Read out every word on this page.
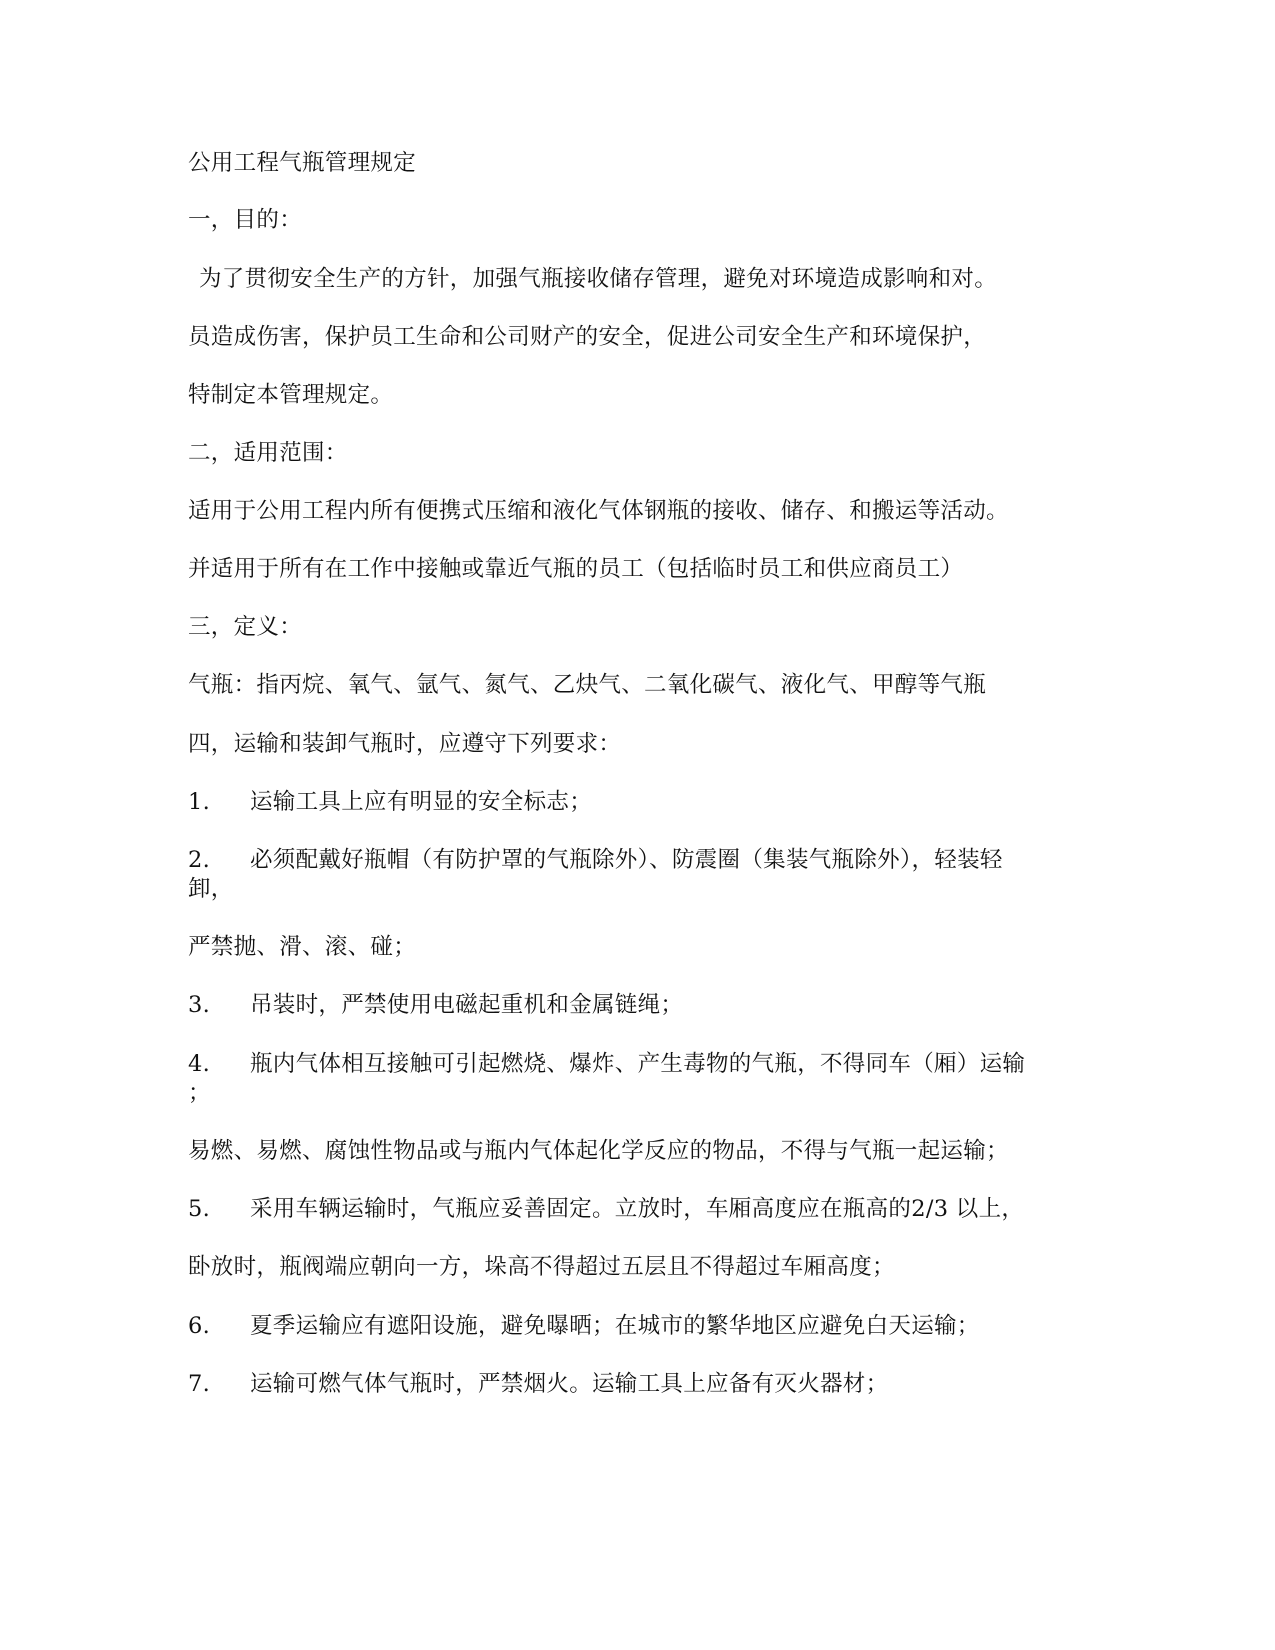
公用工程气瓶管理规定
一，目的：
为了贯彻安全生产的方针，加强气瓶接收储存管理，避免对环境造成影响和对。
员造成伤害，保护员工生命和公司财产的安全，促进公司安全生产和环境保护，
特制定本管理规定。
二，适用范围：
适用于公用工程内所有便携式压缩和液化气体钢瓶的接收、储存、和搬运等活动。
并适用于所有在工作中接触或靠近气瓶的员工（包括临时员工和供应商员工）
三，定义：
气瓶：指丙烷、氧气、氩气、氮气、乙炔气、二氧化碳气、液化气、甲醇等气瓶
四，运输和装卸气瓶时，应遵守下列要求：
1. 运输工具上应有明显的安全标志；
2. 必须配戴好瓶帽（有防护罩的气瓶除外）、防震圈（集装气瓶除外），轻装轻
卸，
严禁抛、滑、滚、碰；
3. 吊装时，严禁使用电磁起重机和金属链绳；
4. 瓶内气体相互接触可引起燃烧、爆炸、产生毒物的气瓶，不得同车（厢）运输
；
易燃、易燃、腐蚀性物品或与瓶内气体起化学反应的物品，不得与气瓶一起运输；
5. 采用车辆运输时，气瓶应妥善固定。立放时，车厢高度应在瓶高的2/3 以上，
卧放时，瓶阀端应朝向一方，垛高不得超过五层且不得超过车厢高度；
6. 夏季运输应有遮阳设施，避免曝晒；在城市的繁华地区应避免白天运输；
7. 运输可燃气体气瓶时，严禁烟火。运输工具上应备有灭火器材；
